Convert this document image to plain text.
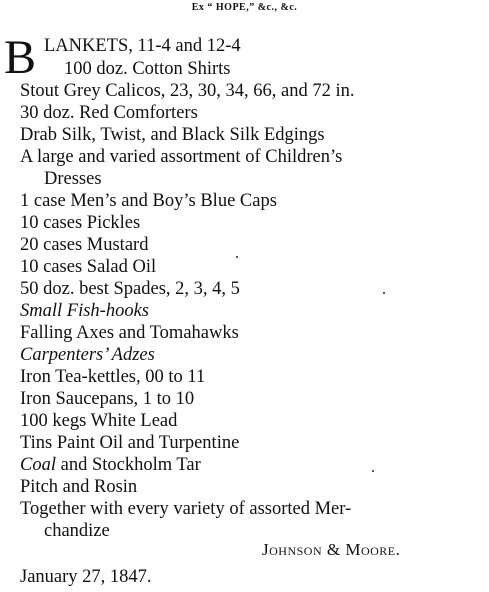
Ex “ HOPE,” &c., &c.
B LANKETS, 11-4 and 12-4
100 doz. Cotton Shirts
Stout Grey Calicos, 23, 30, 34, 66, and 72 in.
30 doz. Red Comforters
Drab Silk, Twist, and Black Silk Edgings
A large and varied assortment of Children’s
Dresses
1 case Men’s and Boy’s Blue Caps
10 cases Pickles
20 cases Mustard
10 cases Salad Oil
50 doz. best Spades, 2, 3, 4, 5
Small Fish-hooks
Falling Axes and Tomahawks
Carpenters’ Adzes
Iron Tea-kettles, 00 to 11
Iron Saucepans, 1 to 10
100 kegs White Lead
Tins Paint Oil and Turpentine
Coal and Stockholm Tar
Pitch and Rosin
Together with every variety of assorted Mer-
chandize
Johnson & Moore.
January 27, 1847.
